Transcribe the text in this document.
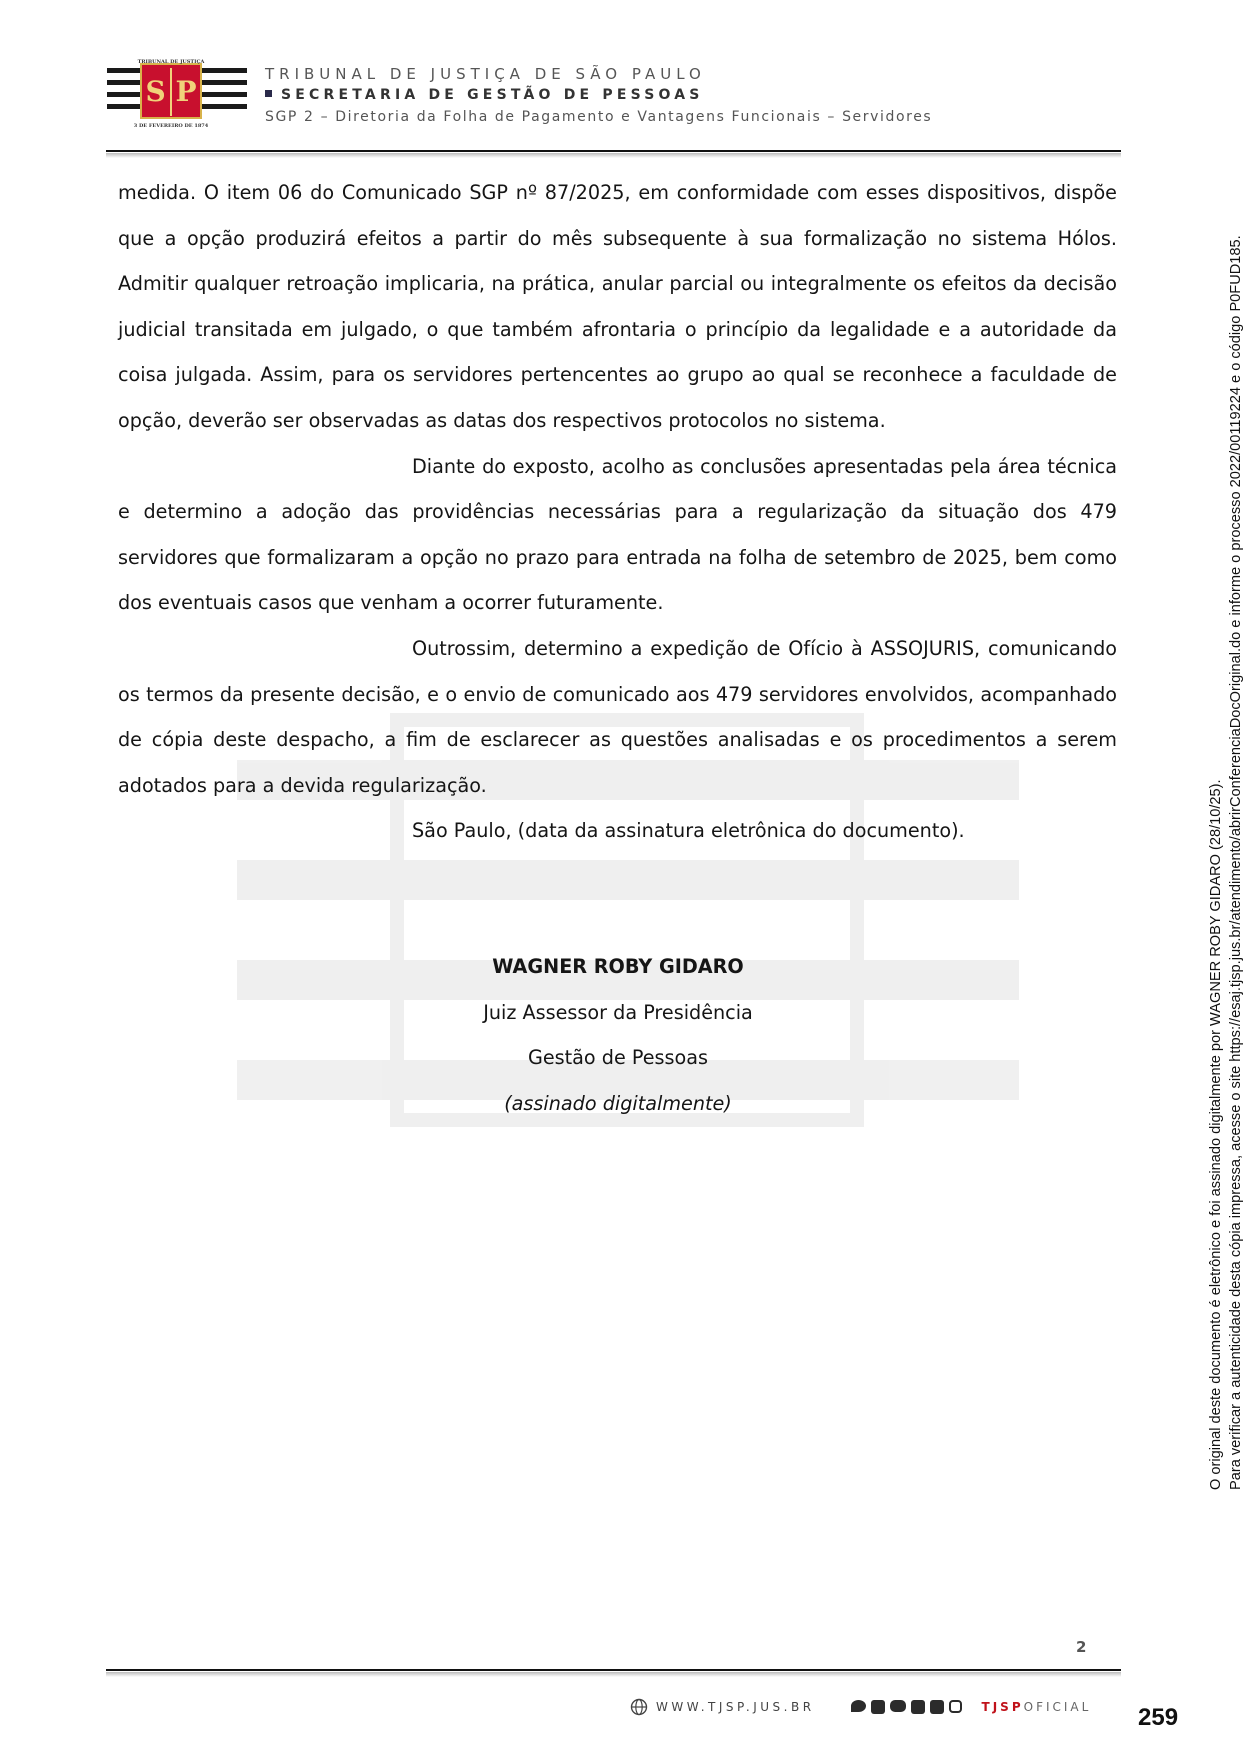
TRIBUNAL DE JUSTIÇA
S P
3 DE FEVEREIRO DE 1874
TRIBUNAL DE JUSTIÇA DE SÃO PAULO
SECRETARIA DE GESTÃO DE PESSOAS
SGP 2 – Diretoria da Folha de Pagamento e Vantagens Funcionais – Servidores

medida. O item 06 do Comunicado SGP nº 87/2025, em conformidade com esses dispositivos, dispõe que a opção produzirá efeitos a partir do mês subsequente à sua formalização no sistema Hólos. Admitir qualquer retroação implicaria, na prática, anular parcial ou integralmente os efeitos da decisão judicial transitada em julgado, o que também afrontaria o princípio da legalidade e a autoridade da coisa julgada. Assim, para os servidores pertencentes ao grupo ao qual se reconhece a faculdade de opção, deverão ser observadas as datas dos respectivos protocolos no sistema.

Diante do exposto, acolho as conclusões apresentadas pela área técnica e determino a adoção das providências necessárias para a regularização da situação dos 479 servidores que formalizaram a opção no prazo para entrada na folha de setembro de 2025, bem como dos eventuais casos que venham a ocorrer futuramente.

Outrossim, determino a expedição de Ofício à ASSOJURIS, comunicando os termos da presente decisão, e o envio de comunicado aos 479 servidores envolvidos, acompanhado de cópia deste despacho, a fim de esclarecer as questões analisadas e os procedimentos a serem adotados para a devida regularização.

São Paulo, (data da assinatura eletrônica do documento).

WAGNER ROBY GIDARO
Juiz Assessor da Presidência
Gestão de Pessoas
(assinado digitalmente)
2
WWW.TJSP.JUS.BR	TJSPOFICIAL
O original deste documento é eletrônico e foi assinado digitalmente por WAGNER ROBY GIDARO (28/10/25). Para verificar a autenticidade desta cópia impressa, acesse o site https://esaj.tjsp.jus.br/atendimento/abrirConferenciaDocOriginal.do e informe o processo 2022/00119224 e o código P0FUD185.
259
